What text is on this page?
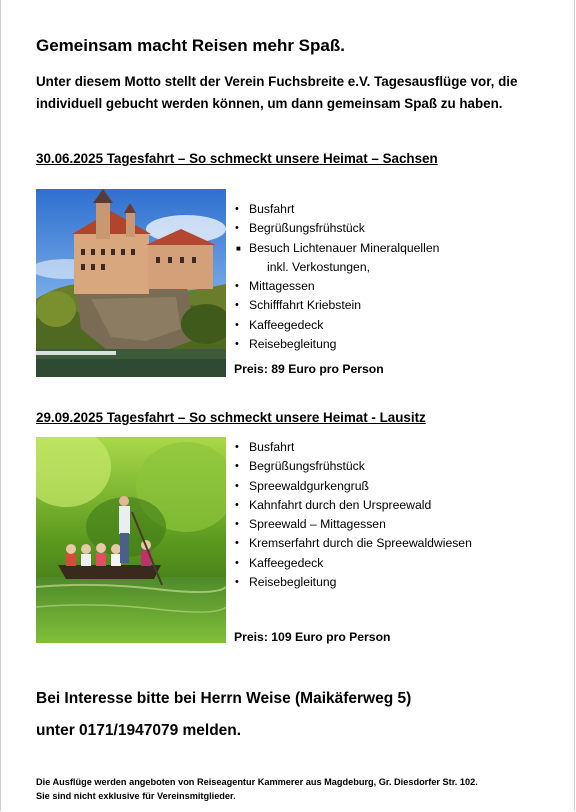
Gemeinsam macht Reisen mehr Spaß.
Unter diesem Motto stellt der Verein Fuchsbreite e.V. Tagesausflüge vor, die individuell gebucht werden können, um dann gemeinsam Spaß zu haben.
30.06.2025 Tagesfahrt – So schmeckt unsere Heimat – Sachsen
• Busfahrt
• Begrüßungsfrühstück
■ Besuch Lichtenauer Mineralquellen
inkl. Verkostungen,
• Mittagessen
• Schifffahrt Kriebstein
• Kaffeegedeck
• Reisebegleitung
Preis: 89 Euro pro Person
29.09.2025 Tagesfahrt – So schmeckt unsere Heimat - Lausitz
• Busfahrt
• Begrüßungsfrühstück
• Spreewaldgurkengruß
• Kahnfahrt durch den Urspreewald
• Spreewald – Mittagessen
• Kremserfahrt durch die Spreewaldwiesen
• Kaffeegedeck
• Reisebegleitung
Preis: 109 Euro pro Person
Bei Interesse bitte bei Herrn Weise (Maikäferweg 5)
unter 0171/1947079 melden.
Die Ausflüge werden angeboten von Reiseagentur Kammerer aus Magdeburg, Gr. Diesdorfer Str. 102.
Sie sind nicht exklusive für Vereinsmitglieder.
